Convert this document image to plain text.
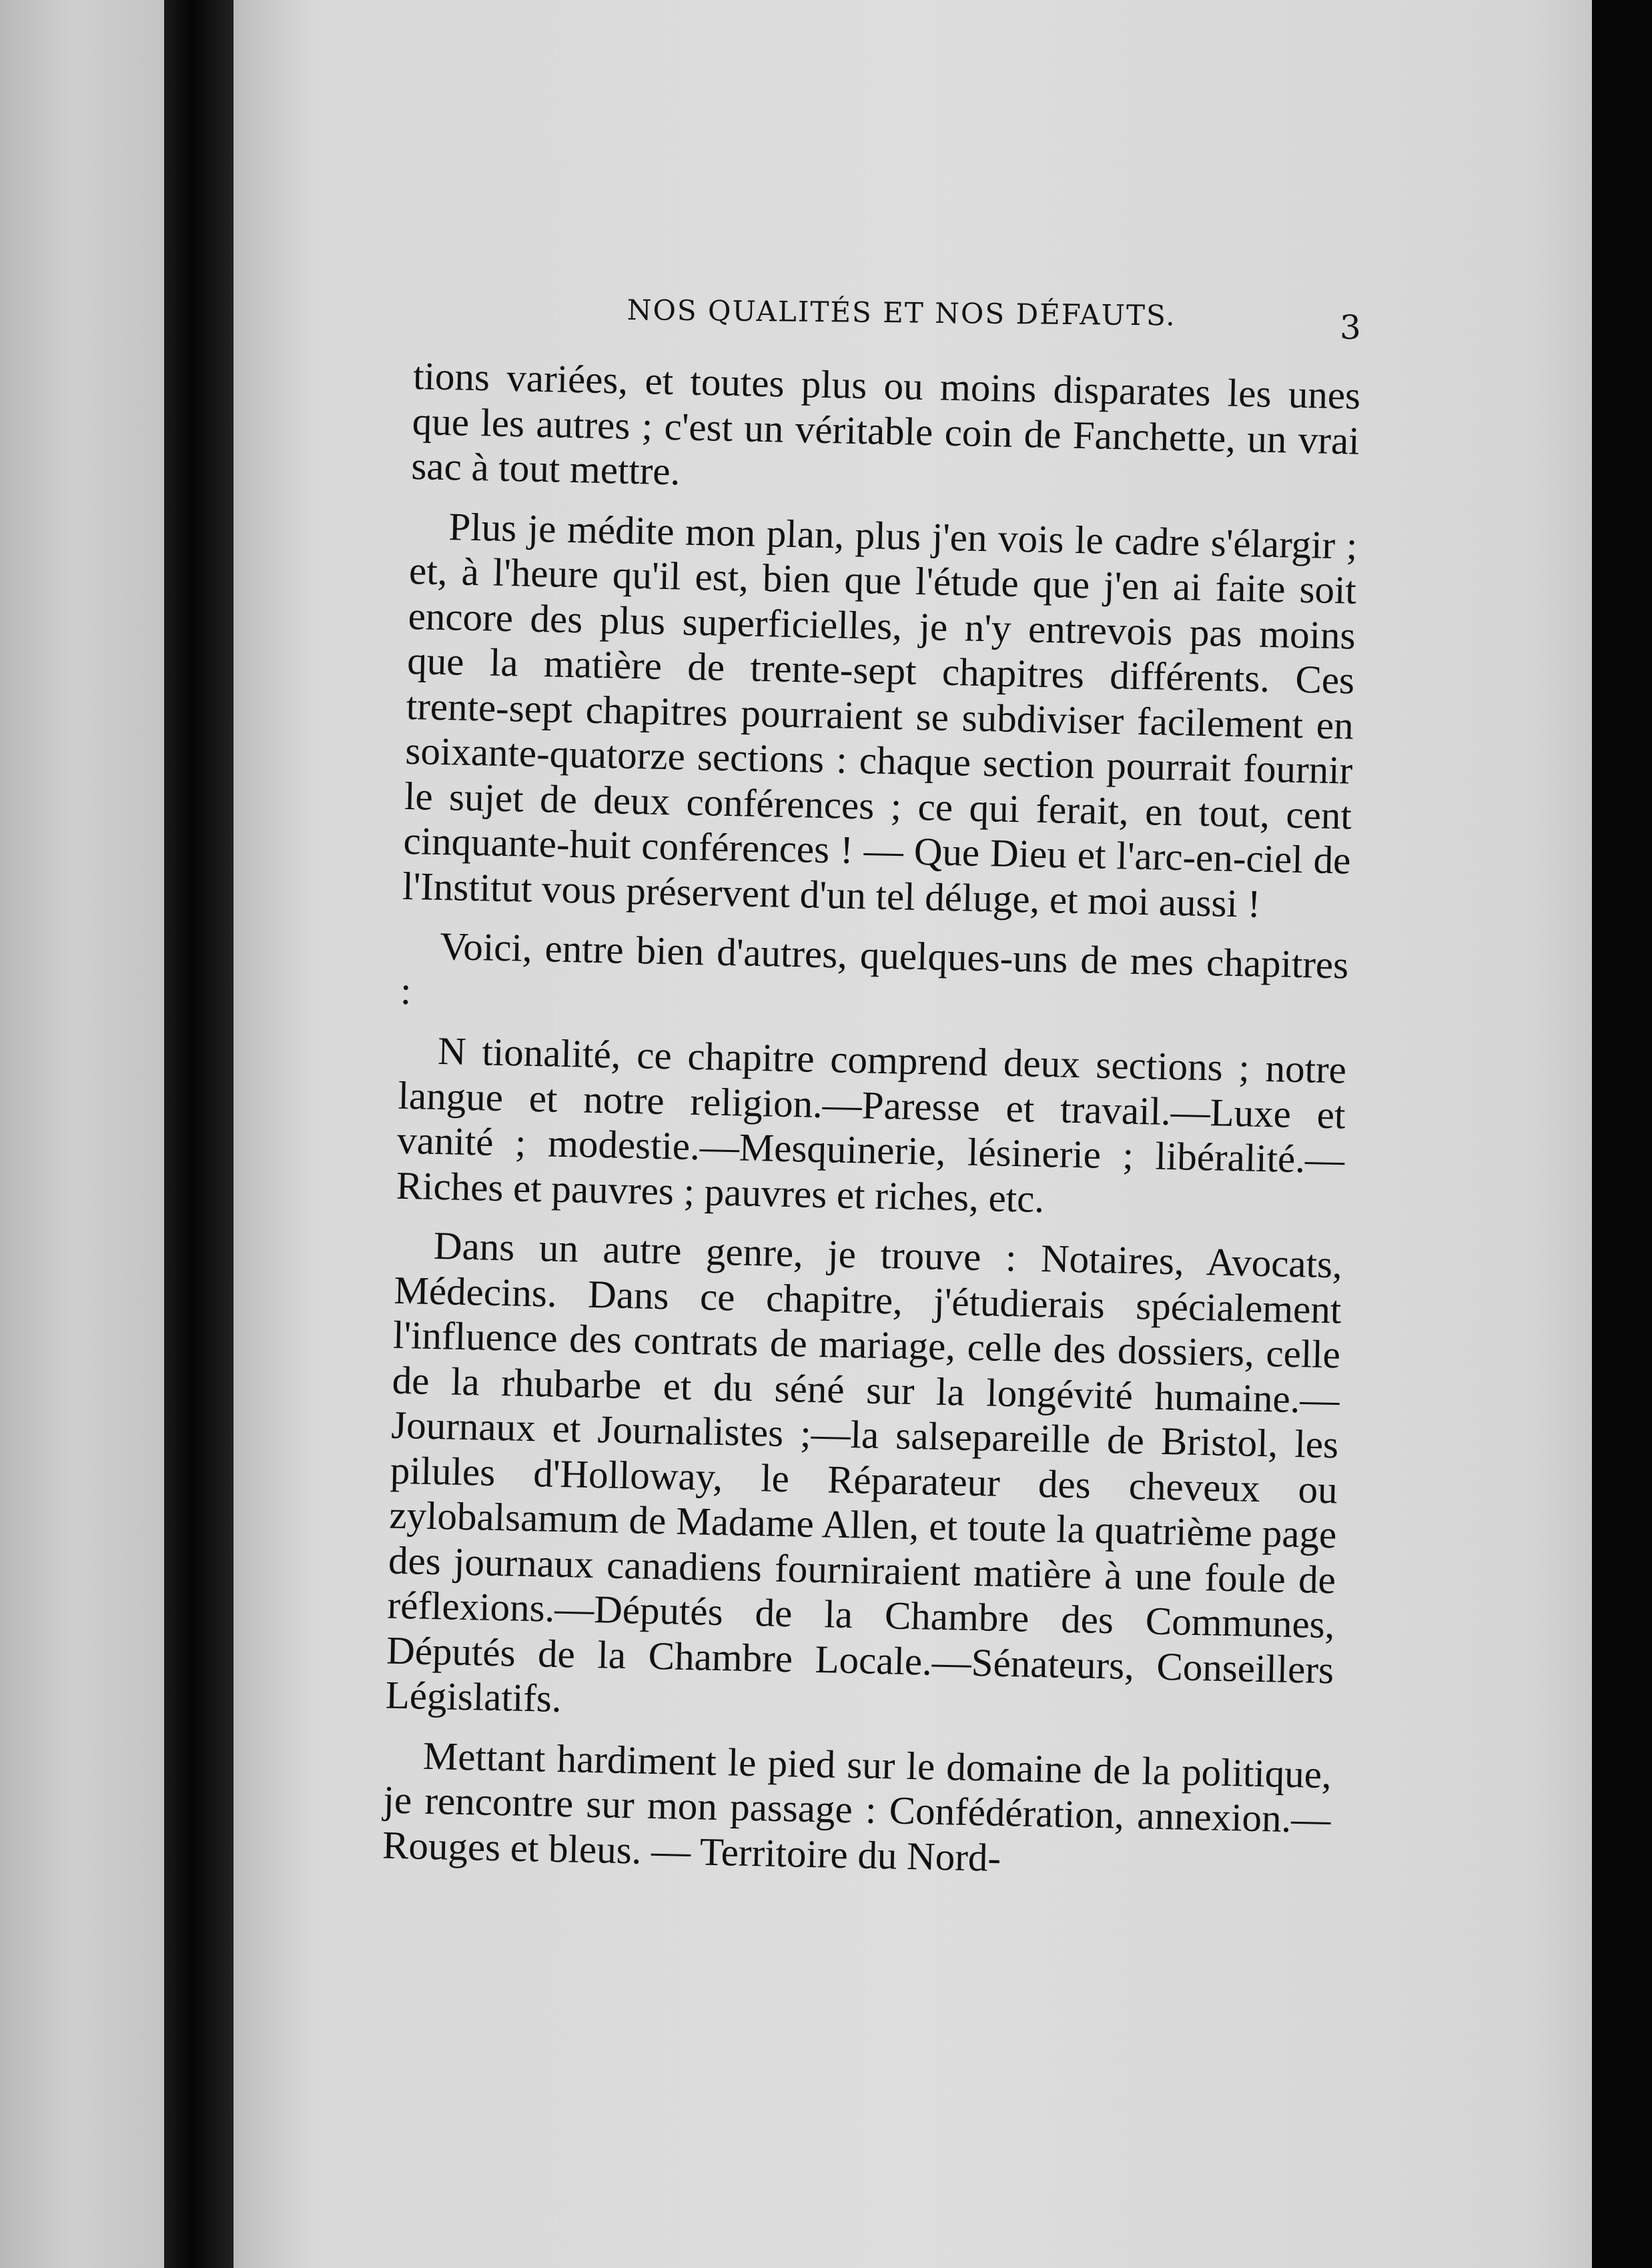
NOS QUALITÉS ET NOS DÉFAUTS.	3

tions variées, et toutes plus ou moins disparates les unes que les autres ; c'est un véritable coin de Fanchette, un vrai sac à tout mettre.

Plus je médite mon plan, plus j'en vois le cadre s'élargir ; et, à l'heure qu'il est, bien que l'étude que j'en ai faite soit encore des plus superficielles, je n'y entrevois pas moins que la matière de trente-sept chapitres différents. Ces trente-sept chapitres pourraient se subdiviser facilement en soixante-quatorze sections : chaque section pourrait fournir le sujet de deux conférences ; ce qui ferait, en tout, cent cinquante-huit conférences ! — Que Dieu et l'arc-en-ciel de l'Institut vous préservent d'un tel déluge, et moi aussi !

Voici, entre bien d'autres, quelques-uns de mes chapitres :

N tionalité, ce chapitre comprend deux sections ; notre langue et notre religion.—Paresse et travail.—Luxe et vanité ; modestie.—Mesquinerie, lésinerie ; libéralité.—Riches et pauvres ; pauvres et riches, etc.

Dans un autre genre, je trouve : Notaires, Avocats, Médecins. Dans ce chapitre, j'étudierais spécialement l'influence des contrats de mariage, celle des dossiers, celle de la rhubarbe et du séné sur la longévité humaine.—Journaux et Journalistes ;—la salsepareille de Bristol, les pilules d'Holloway, le Réparateur des cheveux ou zylobalsamum de Madame Allen, et toute la quatrième page des journaux canadiens fourniraient matière à une foule de réflexions.—Députés de la Chambre des Communes, Députés de la Chambre Locale.—Sénateurs, Conseillers Législatifs.

Mettant hardiment le pied sur le domaine de la politique, je rencontre sur mon passage : Confédération, annexion.—Rouges et bleus. — Territoire du Nord-
